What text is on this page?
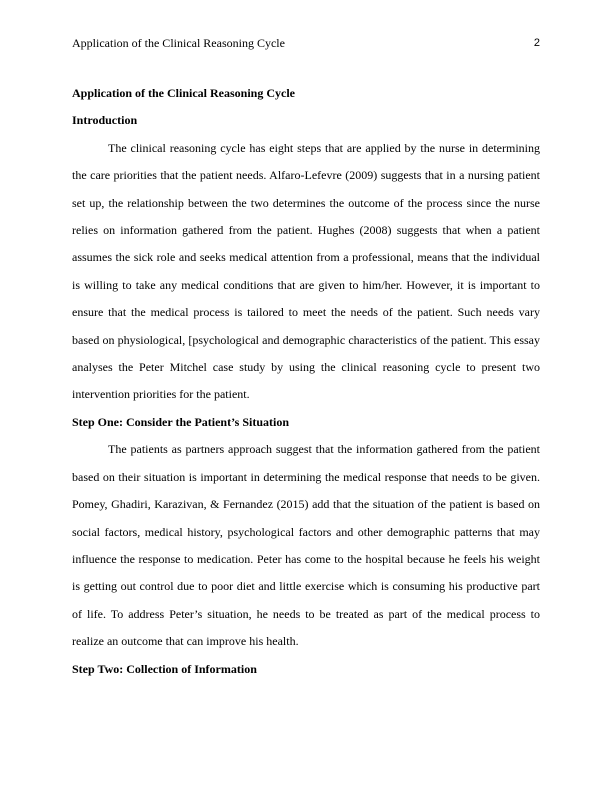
Application of the Clinical Reasoning Cycle	2

Application of the Clinical Reasoning Cycle

Introduction

The clinical reasoning cycle has eight steps that are applied by the nurse in determining the care priorities that the patient needs. Alfaro-Lefevre (2009) suggests that in a nursing patient set up, the relationship between the two determines the outcome of the process since the nurse relies on information gathered from the patient. Hughes (2008) suggests that when a patient assumes the sick role and seeks medical attention from a professional, means that the individual is willing to take any medical conditions that are given to him/her. However, it is important to ensure that the medical process is tailored to meet the needs of the patient. Such needs vary based on physiological, [psychological and demographic characteristics of the patient. This essay analyses the Peter Mitchel case study by using the clinical reasoning cycle to present two intervention priorities for the patient.

Step One: Consider the Patient’s Situation

The patients as partners approach suggest that the information gathered from the patient based on their situation is important in determining the medical response that needs to be given. Pomey, Ghadiri, Karazivan, & Fernandez (2015) add that the situation of the patient is based on social factors, medical history, psychological factors and other demographic patterns that may influence the response to medication. Peter has come to the hospital because he feels his weight is getting out control due to poor diet and little exercise which is consuming his productive part of life. To address Peter’s situation, he needs to be treated as part of the medical process to realize an outcome that can improve his health.

Step Two: Collection of Information
